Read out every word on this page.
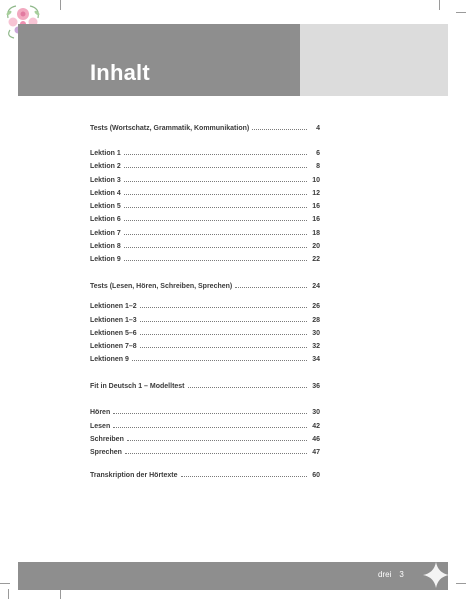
Inhalt
Tests (Wortschatz, Grammatik, Kommunikation)	4
Lektion 1	6
Lektion 2	8
Lektion 3	10
Lektion 4	12
Lektion 5	16
Lektion 6	16
Lektion 7	18
Lektion 8	20
Lektion 9	22
Tests (Lesen, Hören, Schreiben, Sprechen)	24
Lektionen 1–2	26
Lektionen 1–3	28
Lektionen 5–6	30
Lektionen 7–8	32
Lektionen 9	34
Fit in Deutsch 1 – Modelltest	36
Hören	30
Lesen	42
Schreiben	46
Sprechen	47
Transkription der Hörtexte	60
drei 3
